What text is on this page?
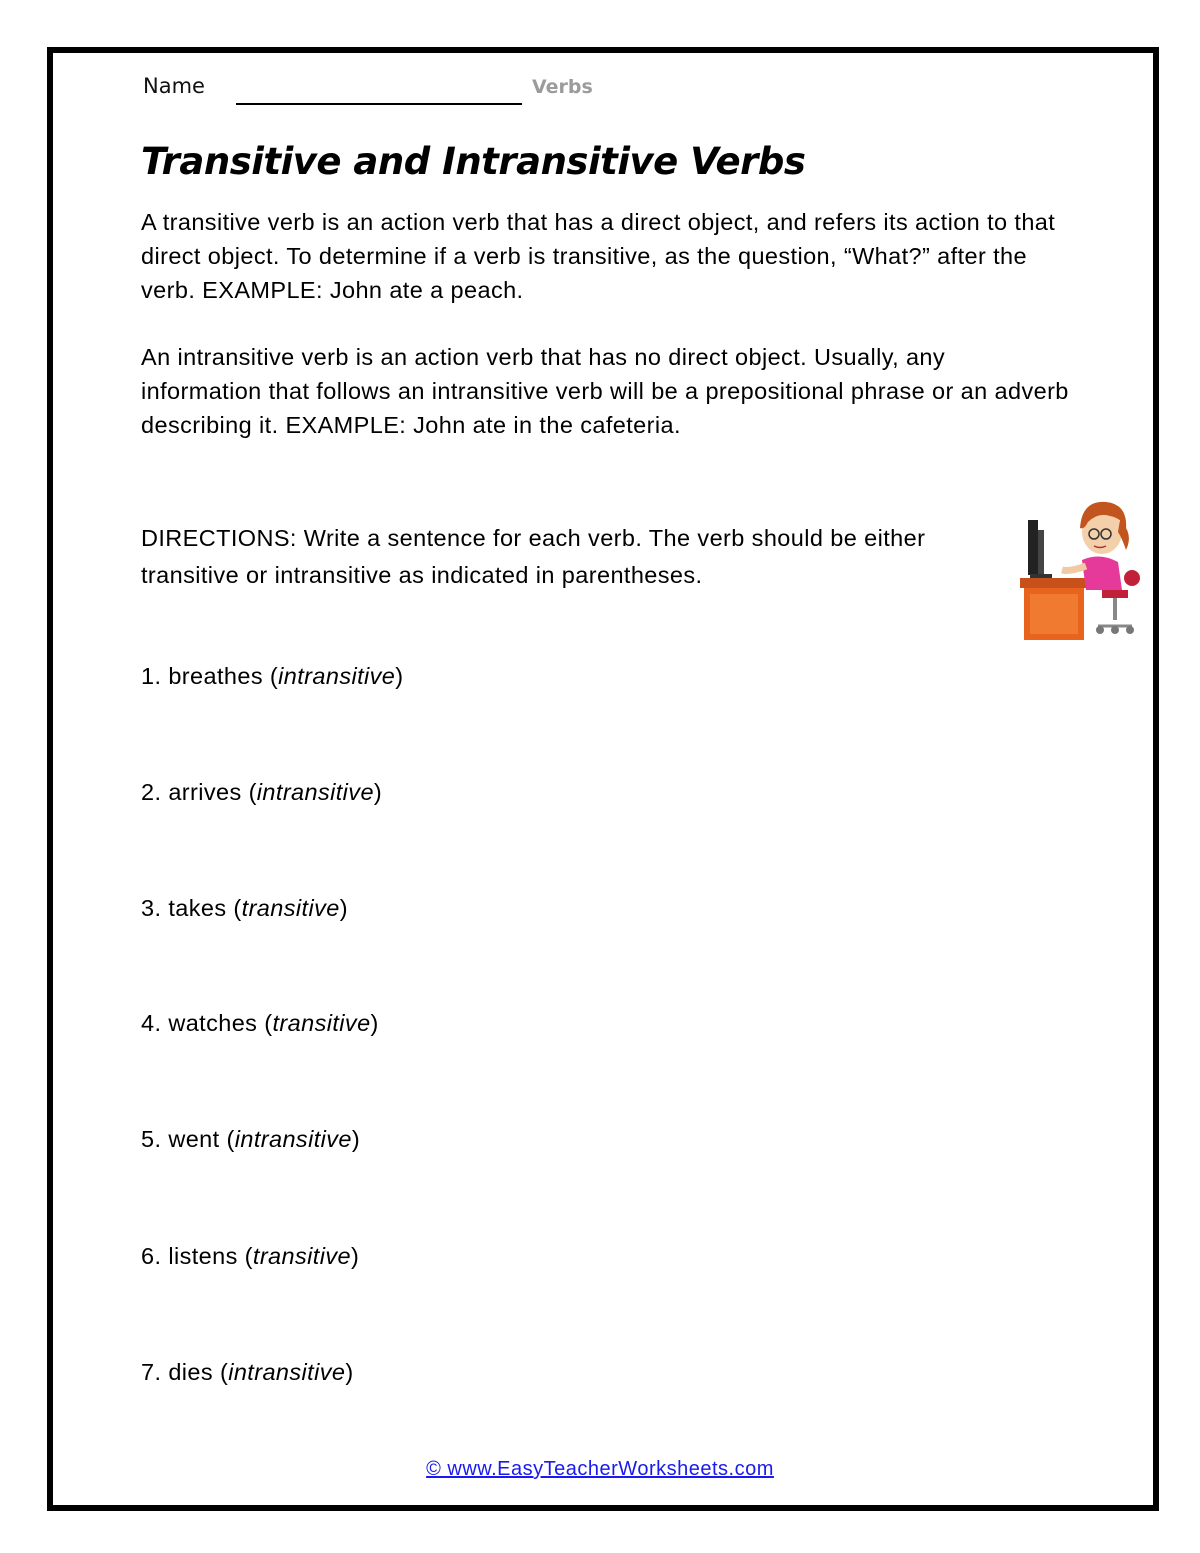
Name	Verbs
Transitive and Intransitive Verbs
A transitive verb is an action verb that has a direct object, and refers its action to that direct object. To determine if a verb is transitive, as the question, “What?” after the verb. EXAMPLE: John ate a peach.
An intransitive verb is an action verb that has no direct object. Usually, any information that follows an intransitive verb will be a prepositional phrase or an adverb describing it. EXAMPLE: John ate in the cafeteria.
DIRECTIONS: Write a sentence for each verb. The verb should be either transitive or intransitive as indicated in parentheses.
1. breathes (intransitive)
2. arrives (intransitive)
3. takes (transitive)
4. watches (transitive)
5. went (intransitive)
6. listens (transitive)
7. dies (intransitive)
© www.EasyTeacherWorksheets.com
